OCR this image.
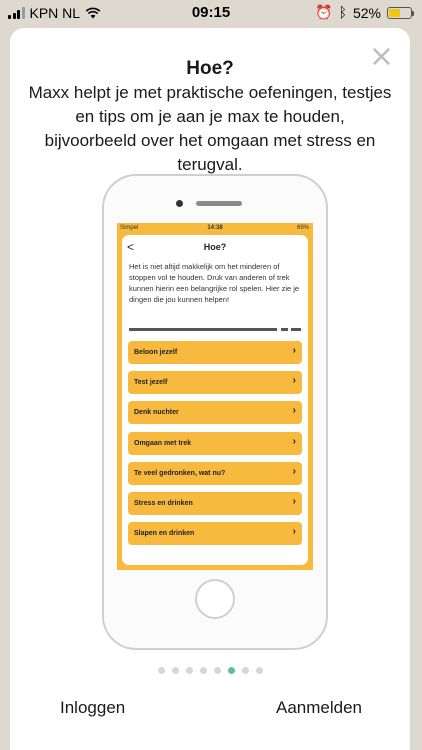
KPN NL	09:15	⏰ ᛒ 52%
×
Hoe?
Maxx helpt je met praktische oefeningen, testjes en tips om je aan je max te houden, bijvoorbeeld over het omgaan met stress en terugval.
Simpel	14:38	69%
<	Hoe?
Het is niet altijd makkelijk om het minderen of stoppen vol te houden. Druk van anderen of trek kunnen hierin een belangrijke rol spelen. Hier zie je dingen die jou kunnen helpen!
Beloon jezelf	›
Test jezelf	›
Denk nuchter	›
Omgaan met trek	›
Te veel gedronken, wat nu?	›
Stress en drinken	›
Slapen en drinken	›
Inloggen	Aanmelden
